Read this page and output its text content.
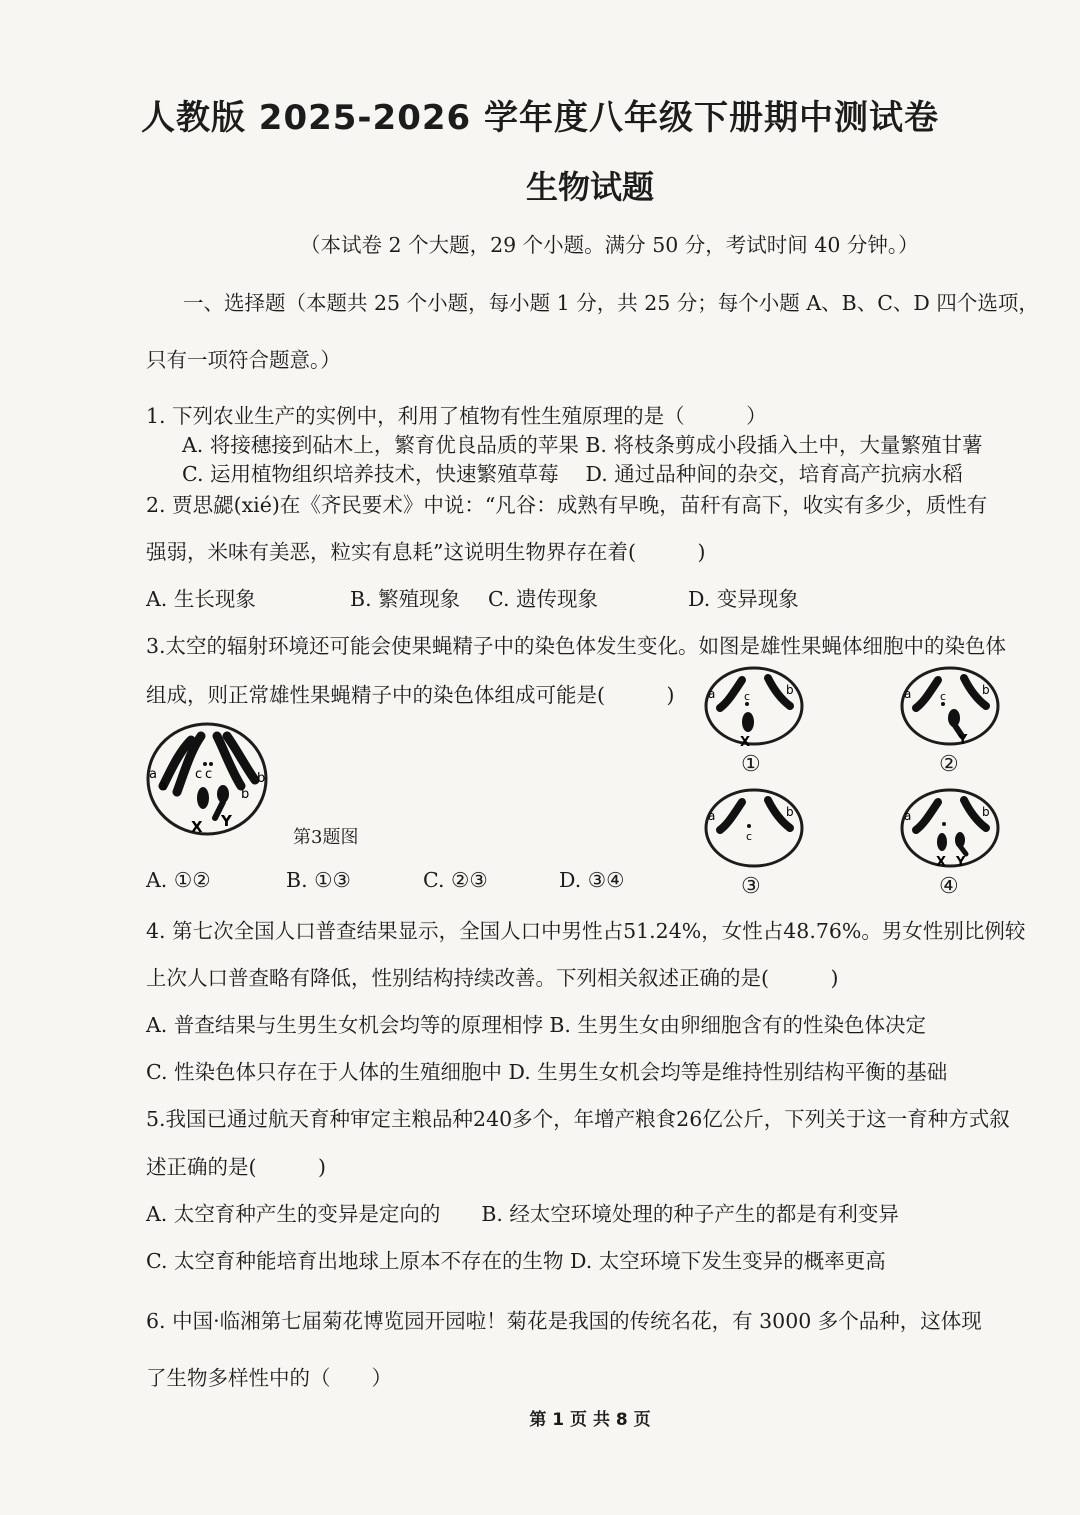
人教版 2025-2026 学年度八年级下册期中测试卷
生物试题
（本试卷 2 个大题，29 个小题。满分 50 分，考试时间 40 分钟。）
一、选择题（本题共 25 个小题，每小题 1 分，共 25 分；每个小题 A、B、C、D 四个选项，
只有一项符合题意。）
1. 下列农业生产的实例中，利用了植物有性生殖原理的是（　　　）
A. 将接穗接到砧木上，繁育优良品质的苹果 B. 将枝条剪成小段插入土中，大量繁殖甘薯
C. 运用植物组织培养技术，快速繁殖草莓　 D. 通过品种间的杂交，培育高产抗病水稻
2. 贾思勰(xié)在《齐民要术》中说：“凡谷：成熟有早晚，苗秆有高下，收实有多少，质性有
强弱，米味有美恶，粒实有息耗”这说明生物界存在着(　　　)
A. 生长现象	B. 繁殖现象 C. 遗传现象	D. 变异现象
3.太空的辐射环境还可能会使果蝇精子中的染色体发生变化。如图是雄性果蝇体细胞中的染色体
组成，则正常雄性果蝇精子中的染色体组成可能是(　　　)
a
a
b
b
c c
X Y
第3题图
a	b
c
X
a	b
c
Y
a	b
c
a	b
X Y
①	②
③	④
A. ①②	B. ①③	C. ②③	D. ③④
4. 第七次全国人口普查结果显示，全国人口中男性占51.24%，女性占48.76%。男女性别比例较
上次人口普查略有降低，性别结构持续改善。下列相关叙述正确的是(　　　)
A. 普查结果与生男生女机会均等的原理相悖 B. 生男生女由卵细胞含有的性染色体决定
C. 性染色体只存在于人体的生殖细胞中 D. 生男生女机会均等是维持性别结构平衡的基础
5.我国已通过航天育种审定主粮品种240多个，年增产粮食26亿公斤，下列关于这一育种方式叙
述正确的是(　　　)
A. 太空育种产生的变异是定向的　　B. 经太空环境处理的种子产生的都是有利变异
C. 太空育种能培育出地球上原本不存在的生物 D. 太空环境下发生变异的概率更高
6. 中国·临湘第七届菊花博览园开园啦！菊花是我国的传统名花，有 3000 多个品种，这体现
了生物多样性中的（　　）
第 1 页 共 8 页
